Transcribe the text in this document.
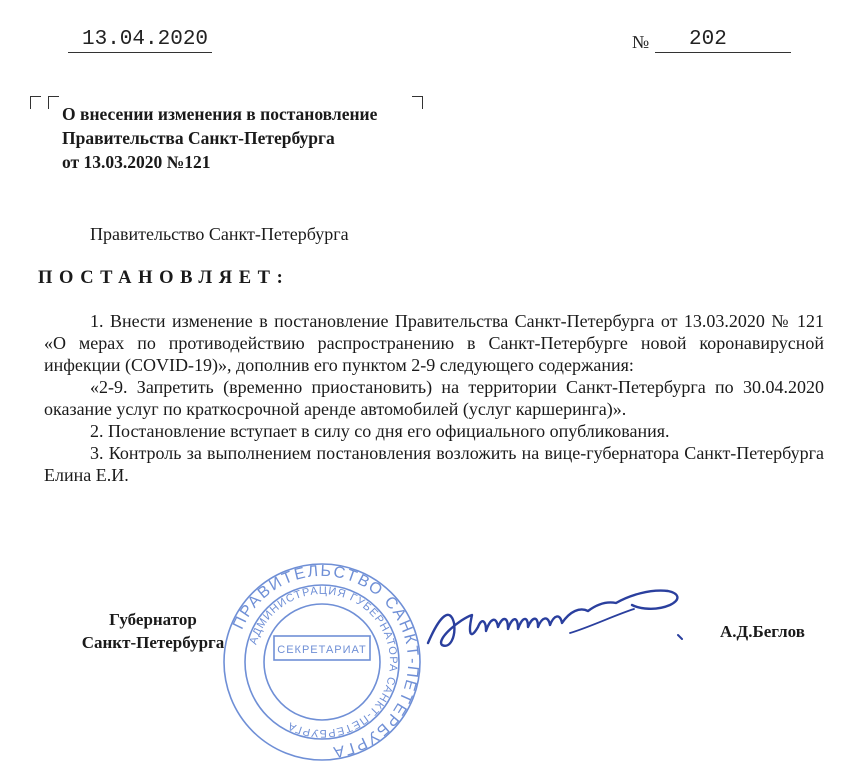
13.04.2020	№ 202
О внесении изменения в постановление
Правительства Санкт-Петербурга
от 13.03.2020 №121
Правительство Санкт-Петербурга
ПОСТАНОВЛЯЕТ:

1. Внести изменение в постановление Правительства Санкт-Петербурга от 13.03.2020 № 121 «О мерах по противодействию распространению в Санкт-Петербурге новой коронавирусной инфекции (COVID-19)», дополнив его пунктом 2-9 следующего содержания:

«2-9. Запретить (временно приостановить) на территории Санкт-Петербурга по 30.04.2020 оказание услуг по краткосрочной аренде автомобилей (услуг каршеринга)».

2. Постановление вступает в силу со дня его официального опубликования.

3. Контроль за выполнением постановления возложить на вице-губернатора Санкт-Петербурга Елина Е.И.

ПРАВИТЕЛЬСТВО САНКТ-ПЕТЕРБУРГА
АДМИНИСТРАЦИЯ ГУБЕРНАТОРА САНКТ-ПЕТЕРБУРГА
СЕКРЕТАРИАТ
Губернатор
Санкт-Петербурга
А.Д.Беглов
